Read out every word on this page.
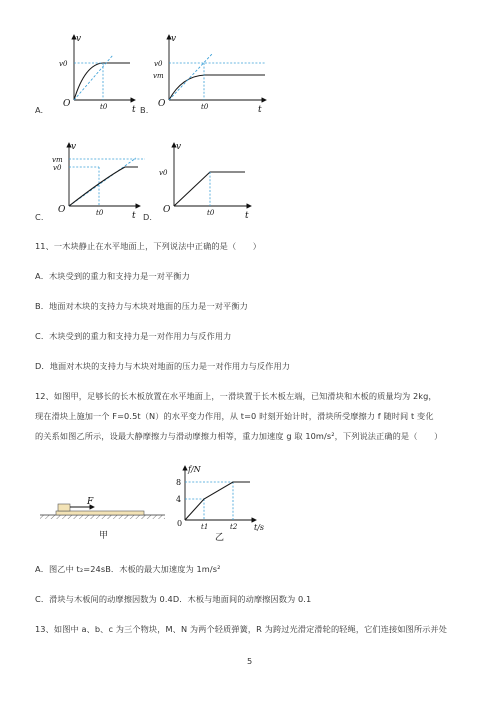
v
t
v0
t0
O
A.
v
t
v0
vm
t0
O
B.
v
t
vm
v0
t0
O
C.
v
t
v0
t0
O
D.
11、一木块静止在水平地面上，下列说法中正确的是（　　）
A．木块受到的重力和支持力是一对平衡力
B．地面对木块的支持力与木块对地面的压力是一对平衡力
C．木块受到的重力和支持力是一对作用力与反作用力
D．地面对木块的支持力与木块对地面的压力是一对作用力与反作用力
12、如图甲，足够长的长木板放置在水平地面上，一滑块置于长木板左端，已知滑块和木板的质量均为 2kg，
现在滑块上施加一个 F=0.5t（N）的水平变力作用，从 t=0 时刻开始计时，滑块所受摩擦力 f 随时间 t 变化
的关系如图乙所示，设最大静摩擦力与滑动摩擦力相等，重力加速度 g 取 10m/s²，下列说法正确的是（　　）
F
甲
f/N
t/s
8
4
0	t1	t2
乙
A．图乙中 t₂=24sB．木板的最大加速度为 1m/s²
C．滑块与木板间的动摩擦因数为 0.4D．木板与地面间的动摩擦因数为 0.1
13、如图中 a、b、c 为三个物块，M、N 为两个轻质弹簧，R 为跨过光滑定滑轮的轻绳，它们连接如图所示并处
5
